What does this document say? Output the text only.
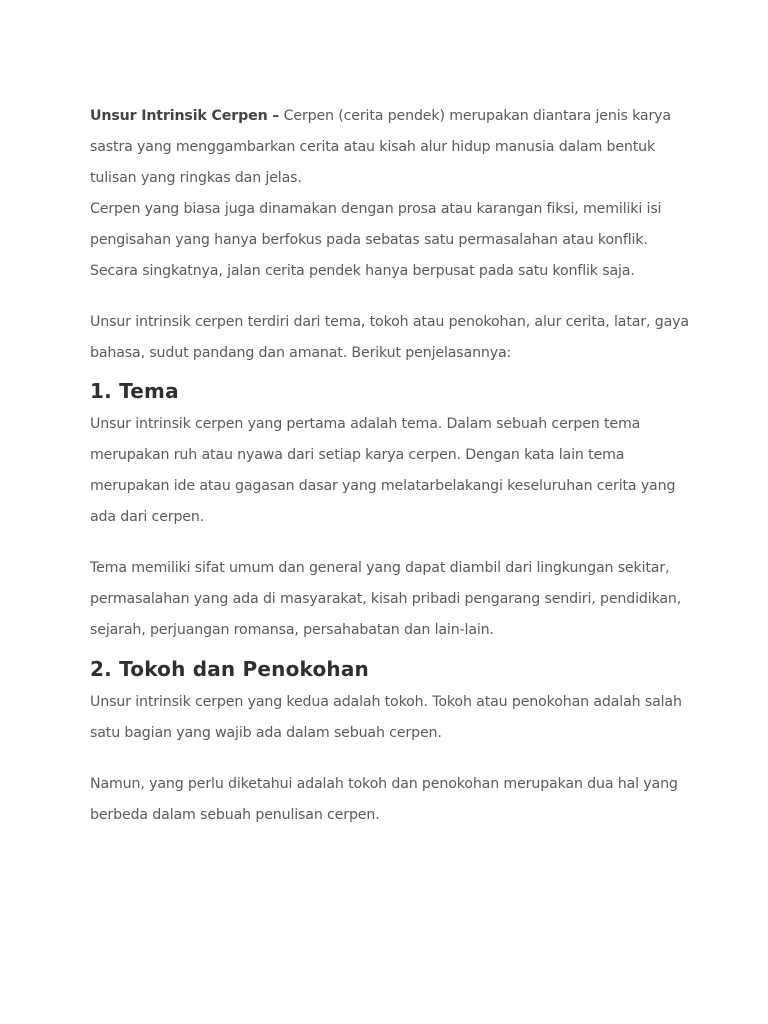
Unsur Intrinsik Cerpen – Cerpen (cerita pendek) merupakan diantara jenis karya sastra yang menggambarkan cerita atau kisah alur hidup manusia dalam bentuk tulisan yang ringkas dan jelas.

Cerpen yang biasa juga dinamakan dengan prosa atau karangan fiksi, memiliki isi pengisahan yang hanya berfokus pada sebatas satu permasalahan atau konflik. Secara singkatnya, jalan cerita pendek hanya berpusat pada satu konflik saja.

Unsur intrinsik cerpen terdiri dari tema, tokoh atau penokohan, alur cerita, latar, gaya bahasa, sudut pandang dan amanat. Berikut penjelasannya:

1. Tema

Unsur intrinsik cerpen yang pertama adalah tema. Dalam sebuah cerpen tema merupakan ruh atau nyawa dari setiap karya cerpen. Dengan kata lain tema merupakan ide atau gagasan dasar yang melatarbelakangi keseluruhan cerita yang ada dari cerpen.

Tema memiliki sifat umum dan general yang dapat diambil dari lingkungan sekitar, permasalahan yang ada di masyarakat, kisah pribadi pengarang sendiri, pendidikan, sejarah, perjuangan romansa, persahabatan dan lain-lain.

2. Tokoh dan Penokohan

Unsur intrinsik cerpen yang kedua adalah tokoh. Tokoh atau penokohan adalah salah satu bagian yang wajib ada dalam sebuah cerpen.

Namun, yang perlu diketahui adalah tokoh dan penokohan merupakan dua hal yang berbeda dalam sebuah penulisan cerpen.
